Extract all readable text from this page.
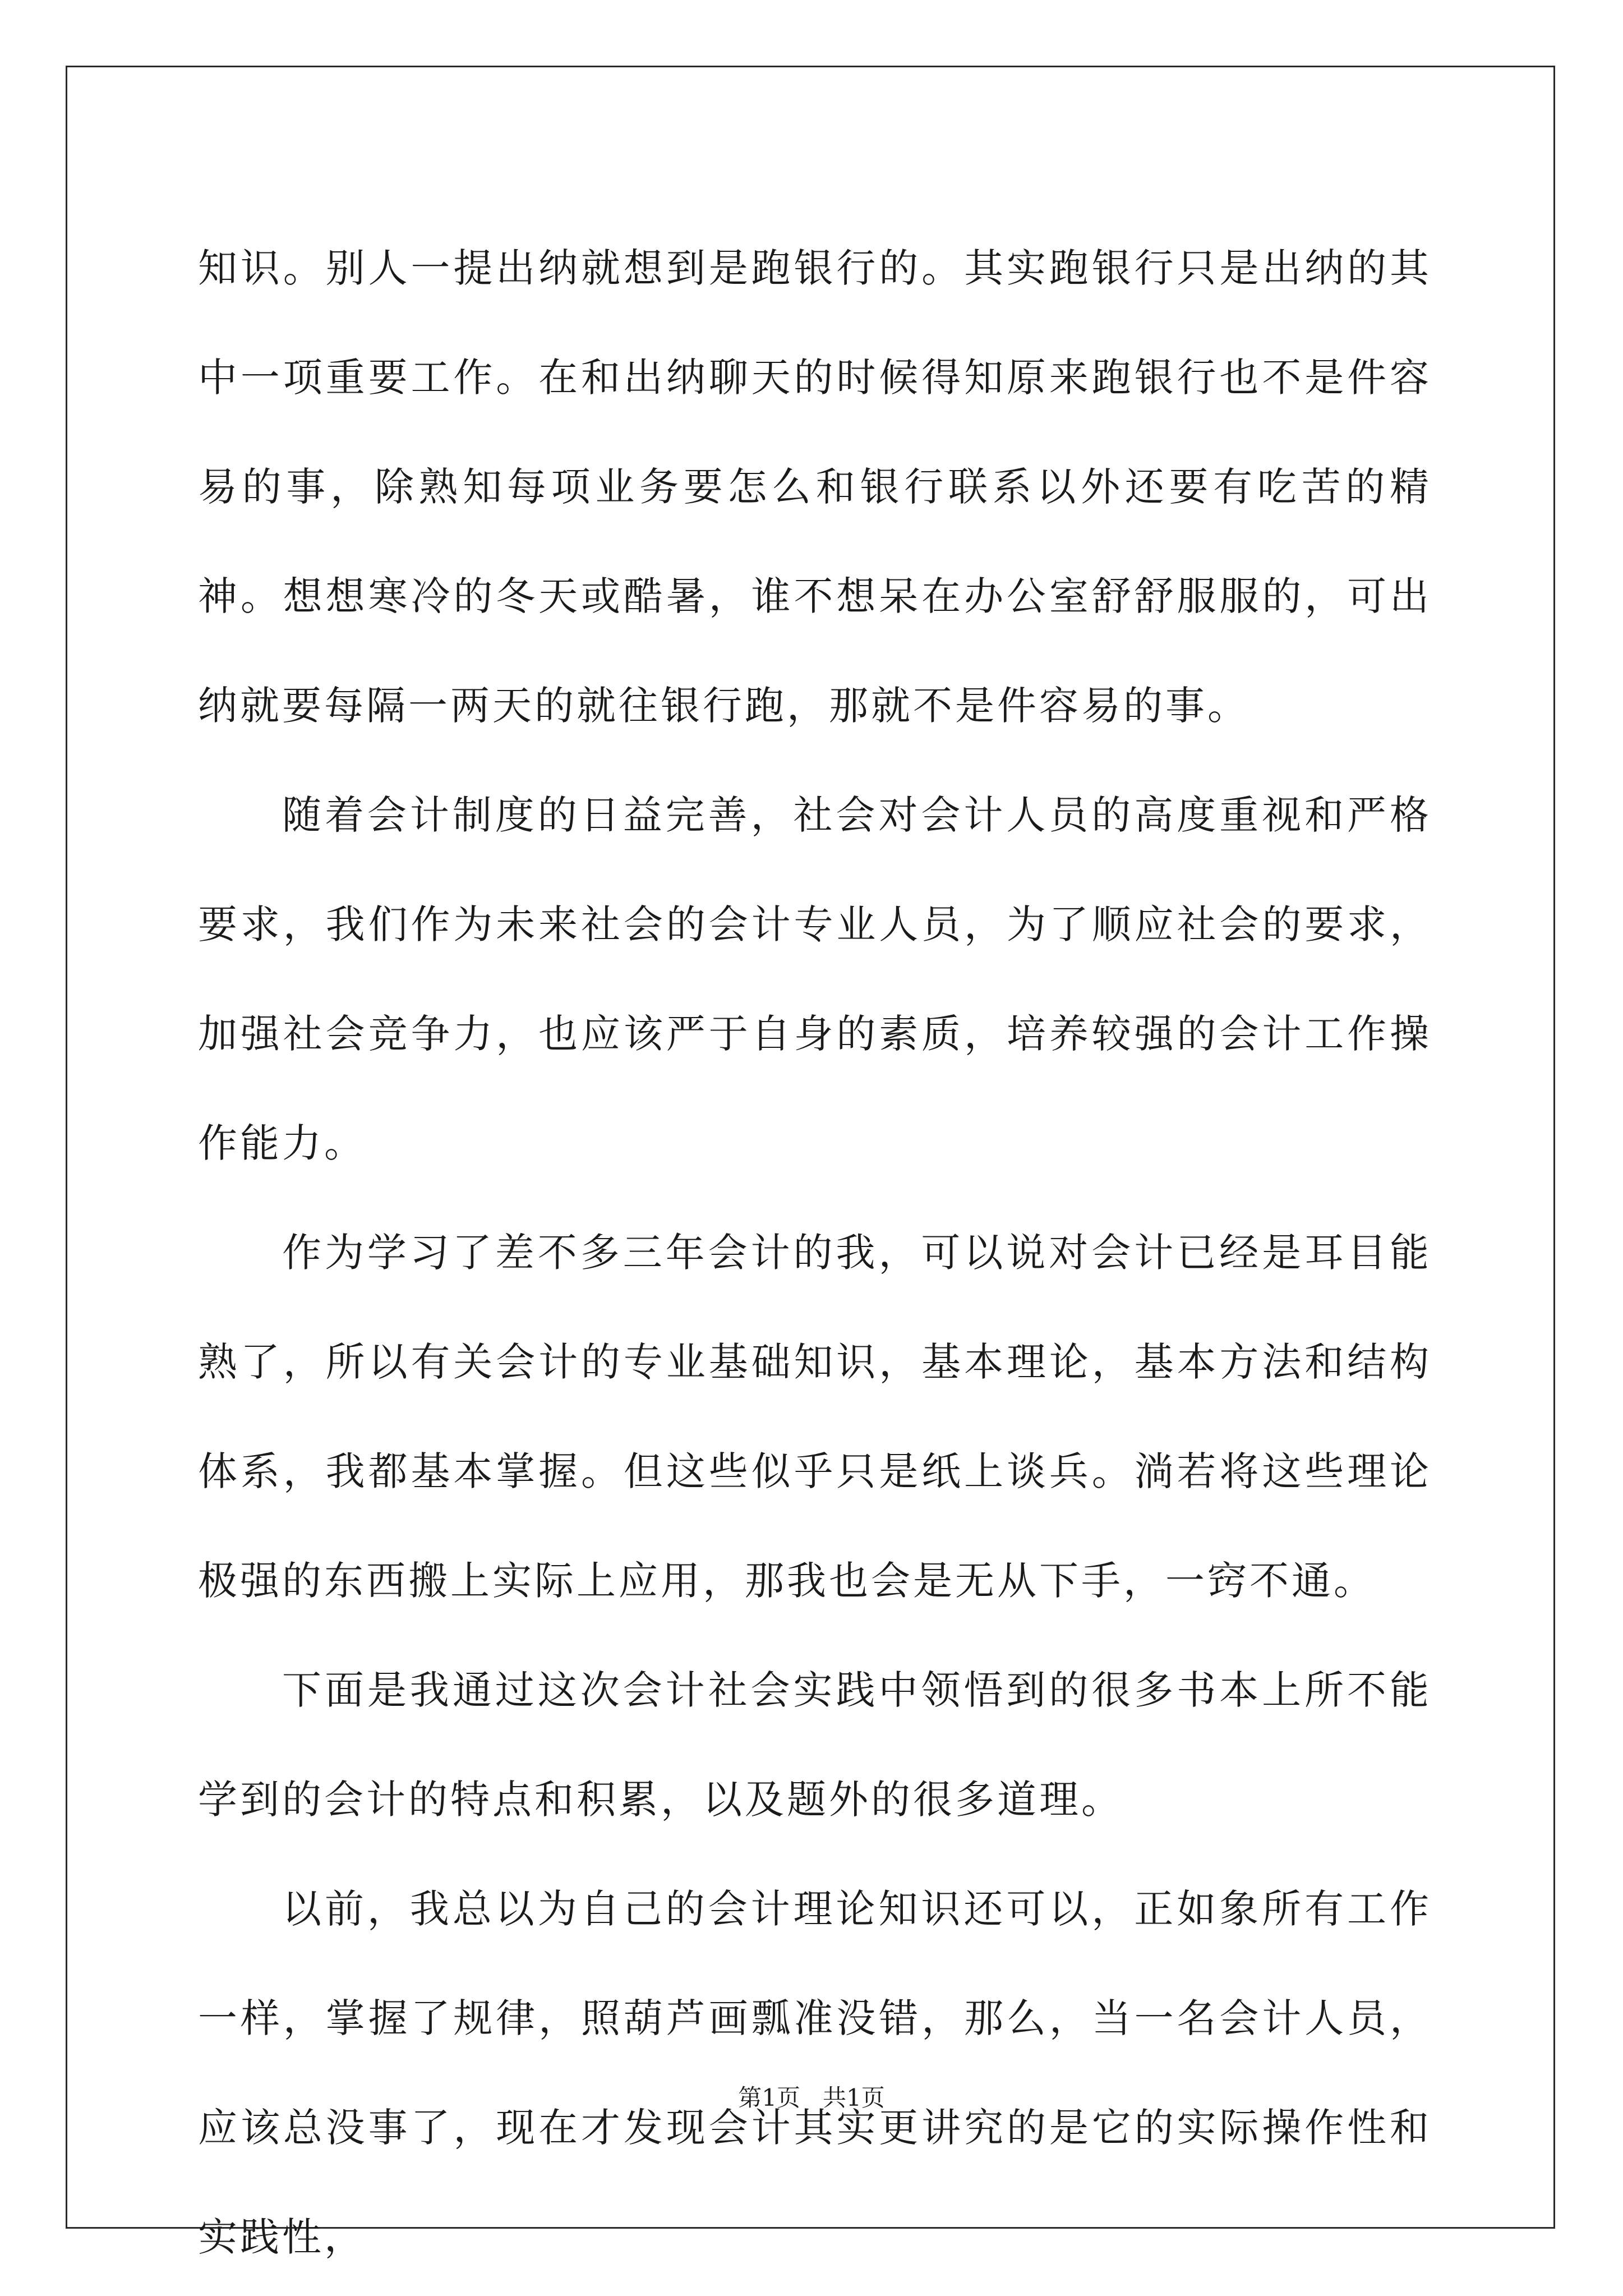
知识。别人一提出纳就想到是跑银行的。其实跑银行只是出纳的其中一项重要工作。在和出纳聊天的时候得知原来跑银行也不是件容易的事，除熟知每项业务要怎么和银行联系以外还要有吃苦的精神。想想寒冷的冬天或酷暑，谁不想呆在办公室舒舒服服的，可出纳就要每隔一两天的就往银行跑，那就不是件容易的事。

随着会计制度的日益完善，社会对会计人员的高度重视和严格要求，我们作为未来社会的会计专业人员，为了顺应社会的要求，加强社会竞争力，也应该严于自身的素质，培养较强的会计工作操作能力。

作为学习了差不多三年会计的我，可以说对会计已经是耳目能熟了，所以有关会计的专业基础知识，基本理论，基本方法和结构体系，我都基本掌握。但这些似乎只是纸上谈兵。淌若将这些理论极强的东西搬上实际上应用，那我也会是无从下手，一窍不通。

下面是我通过这次会计社会实践中领悟到的很多书本上所不能学到的会计的特点和积累，以及题外的很多道理。

以前，我总以为自己的会计理论知识还可以，正如象所有工作一样，掌握了规律，照葫芦画瓢准没错，那么，当一名会计人员，应该总没事了，现在才发现会计其实更讲究的是它的实际操作性和实践性，

第1页 共1页
